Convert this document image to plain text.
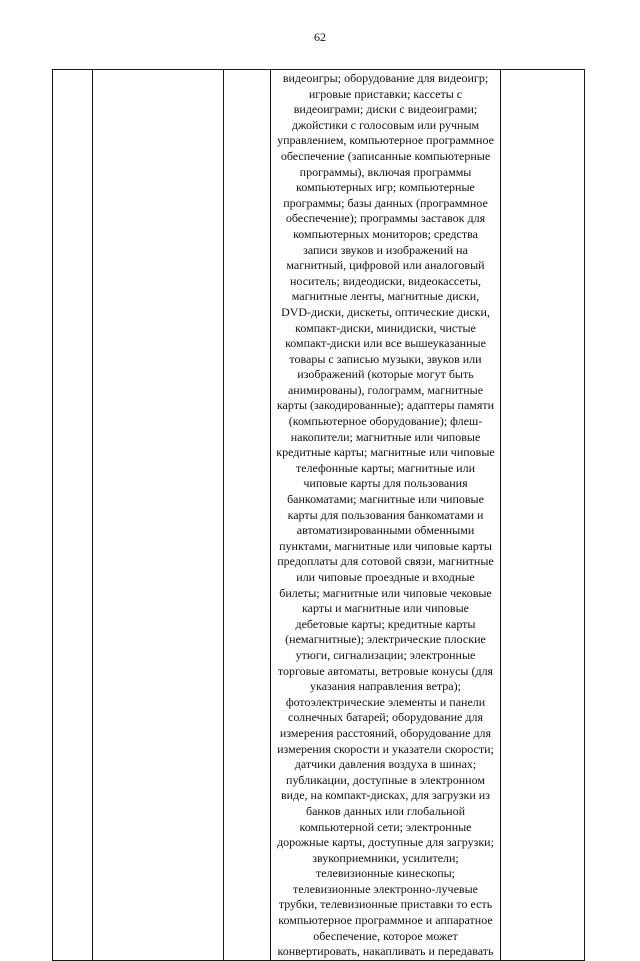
62

видеоигры; оборудование для видеоигр;
игровые приставки; кассеты с
видеоиграми; диски с видеоиграми;
джойстики с голосовым или ручным
управлением, компьютерное программное
обеспечение (записанные компьютерные
программы), включая программы
компьютерных игр; компьютерные
программы; базы данных (программное
обеспечение); программы заставок для
компьютерных мониторов; средства
записи звуков и изображений на
магнитный, цифровой или аналоговый
носитель; видеодиски, видеокассеты,
магнитные ленты, магнитные диски,
DVD-диски, дискеты, оптические диски,
компакт-диски, минидиски, чистые
компакт-диски или все вышеуказанные
товары с записью музыки, звуков или
изображений (которые могут быть
анимированы), голограмм, магнитные
карты (закодированные); адаптеры памяти
(компьютерное оборудование); флеш-
накопители; магнитные или чиповые
кредитные карты; магнитные или чиповые
телефонные карты; магнитные или
чиповые карты для пользования
банкоматами; магнитные или чиповые
карты для пользования банкоматами и
автоматизированными обменными
пунктами, магнитные или чиповые карты
предоплаты для сотовой связи, магнитные
или чиповые проездные и входные
билеты; магнитные или чиповые чековые
карты и магнитные или чиповые
дебетовые карты; кредитные карты
(немагнитные); электрические плоские
утюги, сигнализации; электронные
торговые автоматы, ветровые конусы (для
указания направления ветра);
фотоэлектрические элементы и панели
солнечных батарей; оборудование для
измерения расстояний, оборудование для
измерения скорости и указатели скорости;
датчики давления воздуха в шинах;
публикации, доступные в электронном
виде, на компакт-дисках, для загрузки из
банков данных или глобальной
компьютерной сети; электронные
дорожные карты, доступные для загрузки;
звукоприемники, усилители;
телевизионные кинескопы;
телевизионные электронно-лучевые
трубки, телевизионные приставки то есть
компьютерное программное и аппаратное
обеспечение, которое может
конвертировать, накапливать и передавать
